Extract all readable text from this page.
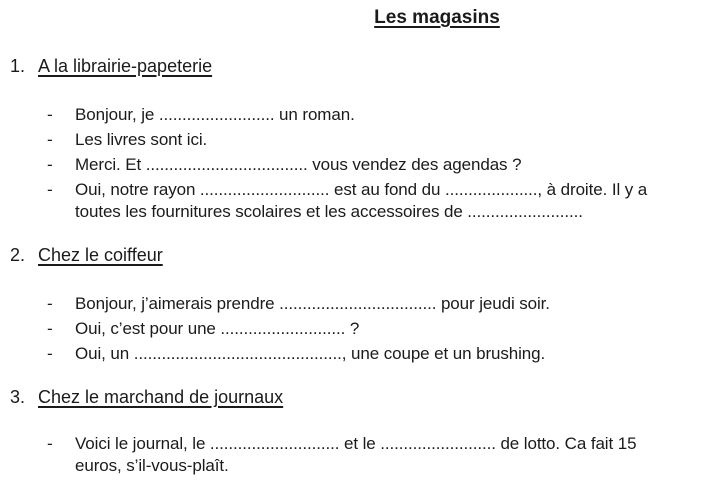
Les magasins
1. A la librairie-papeterie
-	Bonjour, je ......................... un roman.
-	Les livres sont ici.
-	Merci. Et ................................... vous vendez des agendas ?
-	Oui, notre rayon ............................ est au fond du ...................., à droite. Il y a
toutes les fournitures scolaires et les accessoires de .........................
2. Chez le coiffeur
-	Bonjour, j’aimerais prendre .................................. pour jeudi soir.
-	Oui, c’est pour une ........................... ?
-	Oui, un ............................................., une coupe et un brushing.
3. Chez le marchand de journaux
-	Voici le journal, le ............................ et le ......................... de lotto. Ca fait 15
euros, s’il-vous-plaît.
